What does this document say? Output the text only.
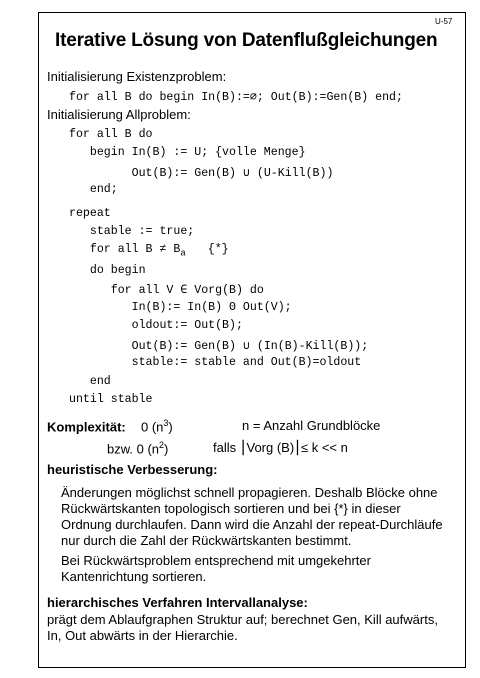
U-57
Iterative Lösung von Datenflußgleichungen
Initialisierung Existenzproblem:
for all B do begin In(B):=∅; Out(B):=Gen(B) end;
Initialisierung Allproblem:
for all B do
begin In(B) := U; {volle Menge}
Out(B):= Gen(B) ∪ (U-Kill(B))
end;
repeat
stable := true;
for all $B \ne B_a$ {*}
do begin
for all V ∈ Vorg(B) do
In(B):= In(B) Θ Out(V);
oldout:= Out(B);
Out(B):= Gen(B) ∪ (In(B)-Kill(B));
stable:= stable and Out(B)=oldout
end
until stable
Komplexität: 0 $(n^3)$	n = Anzahl Grundblöcke
bzw. 0 $(n^2)$	falls ⎮Vorg (B)⎮≤ k << n
heuristische Verbesserung:
Änderungen möglichst schnell propagieren. Deshalb Blöcke ohne
Rückwärtskanten topologisch sortieren und bei {*} in dieser
Ordnung durchlaufen. Dann wird die Anzahl der repeat-Durchläufe
nur durch die Zahl der Rückwärtskanten bestimmt.
Bei Rückwärtsproblem entsprechend mit umgekehrter
Kantenrichtung sortieren.
hierarchisches Verfahren Intervallanalyse:
prägt dem Ablaufgraphen Struktur auf; berechnet Gen, Kill aufwärts,
In, Out abwärts in der Hierarchie.
